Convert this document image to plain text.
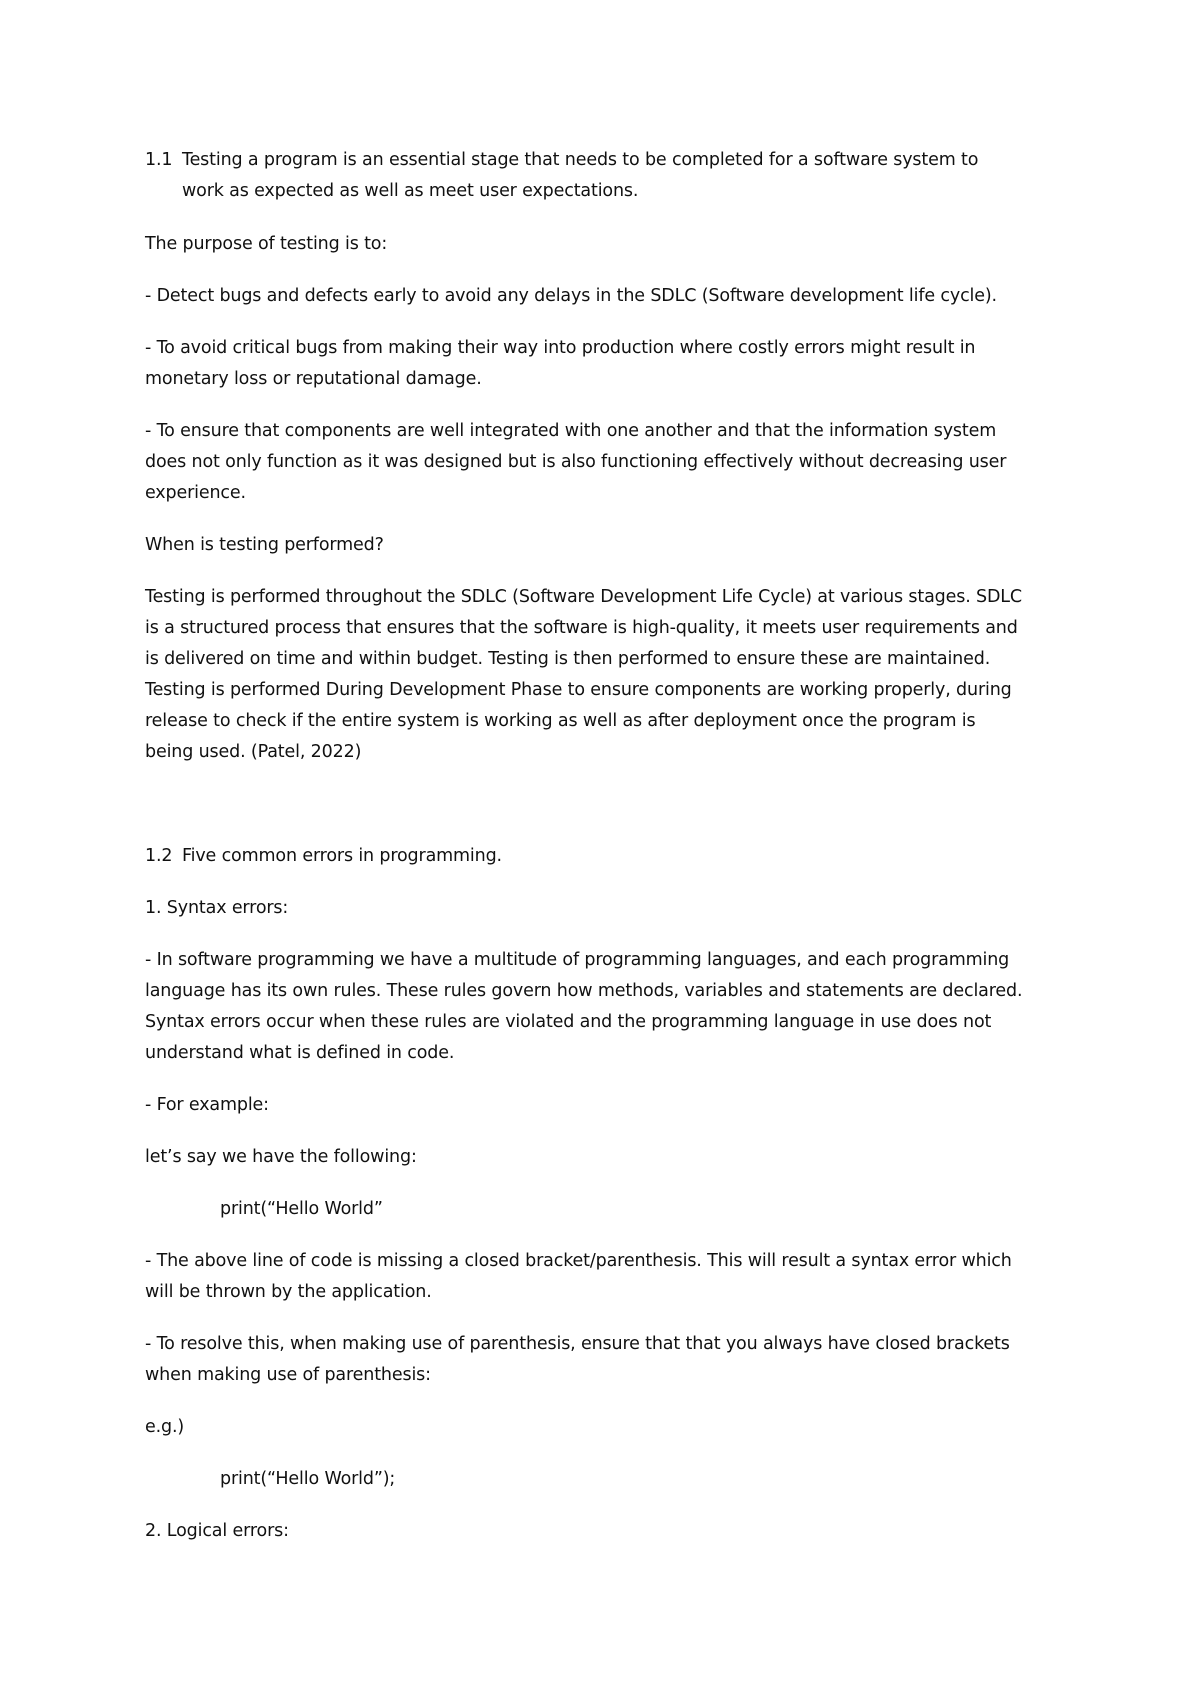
1.1 Testing a program is an essential stage that needs to be completed for a software system to
work as expected as well as meet user expectations.
The purpose of testing is to:
- Detect bugs and defects early to avoid any delays in the SDLC (Software development life cycle).
- To avoid critical bugs from making their way into production where costly errors might result in
monetary loss or reputational damage.
- To ensure that components are well integrated with one another and that the information system
does not only function as it was designed but is also functioning effectively without decreasing user
experience.
When is testing performed?
Testing is performed throughout the SDLC (Software Development Life Cycle) at various stages. SDLC
is a structured process that ensures that the software is high-quality, it meets user requirements and
is delivered on time and within budget. Testing is then performed to ensure these are maintained.
Testing is performed During Development Phase to ensure components are working properly, during
release to check if the entire system is working as well as after deployment once the program is
being used. (Patel, 2022)
1.2 Five common errors in programming.
1. Syntax errors:
- In software programming we have a multitude of programming languages, and each programming
language has its own rules. These rules govern how methods, variables and statements are declared.
Syntax errors occur when these rules are violated and the programming language in use does not
understand what is defined in code.
- For example:
let’s say we have the following:
print(“Hello World”
- The above line of code is missing a closed bracket/parenthesis. This will result a syntax error which
will be thrown by the application.
- To resolve this, when making use of parenthesis, ensure that that you always have closed brackets
when making use of parenthesis:
e.g.)
print(“Hello World”);
2. Logical errors:
